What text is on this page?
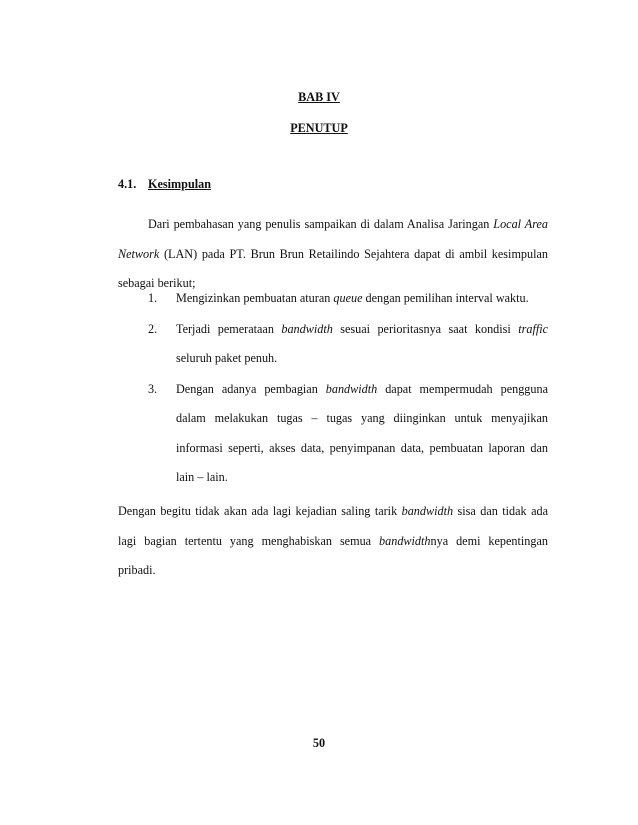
BAB IV
PENUTUP
4.1. Kesimpulan

Dari pembahasan yang penulis sampaikan di dalam Analisa Jaringan Local Area Network (LAN) pada PT. Brun Brun Retailindo Sejahtera dapat di ambil kesimpulan sebagai berikut;

1. Mengizinkan pembuatan aturan queue dengan pemilihan interval waktu.
2. Terjadi pemerataan bandwidth sesuai perioritasnya saat kondisi traffic seluruh paket penuh.
3. Dengan adanya pembagian bandwidth dapat mempermudah pengguna dalam melakukan tugas – tugas yang diinginkan untuk menyajikan informasi seperti, akses data, penyimpanan data, pembuatan laporan dan lain – lain.

Dengan begitu tidak akan ada lagi kejadian saling tarik bandwidth sisa dan tidak ada lagi bagian tertentu yang menghabiskan semua bandwidthnya demi kepentingan pribadi.

50
